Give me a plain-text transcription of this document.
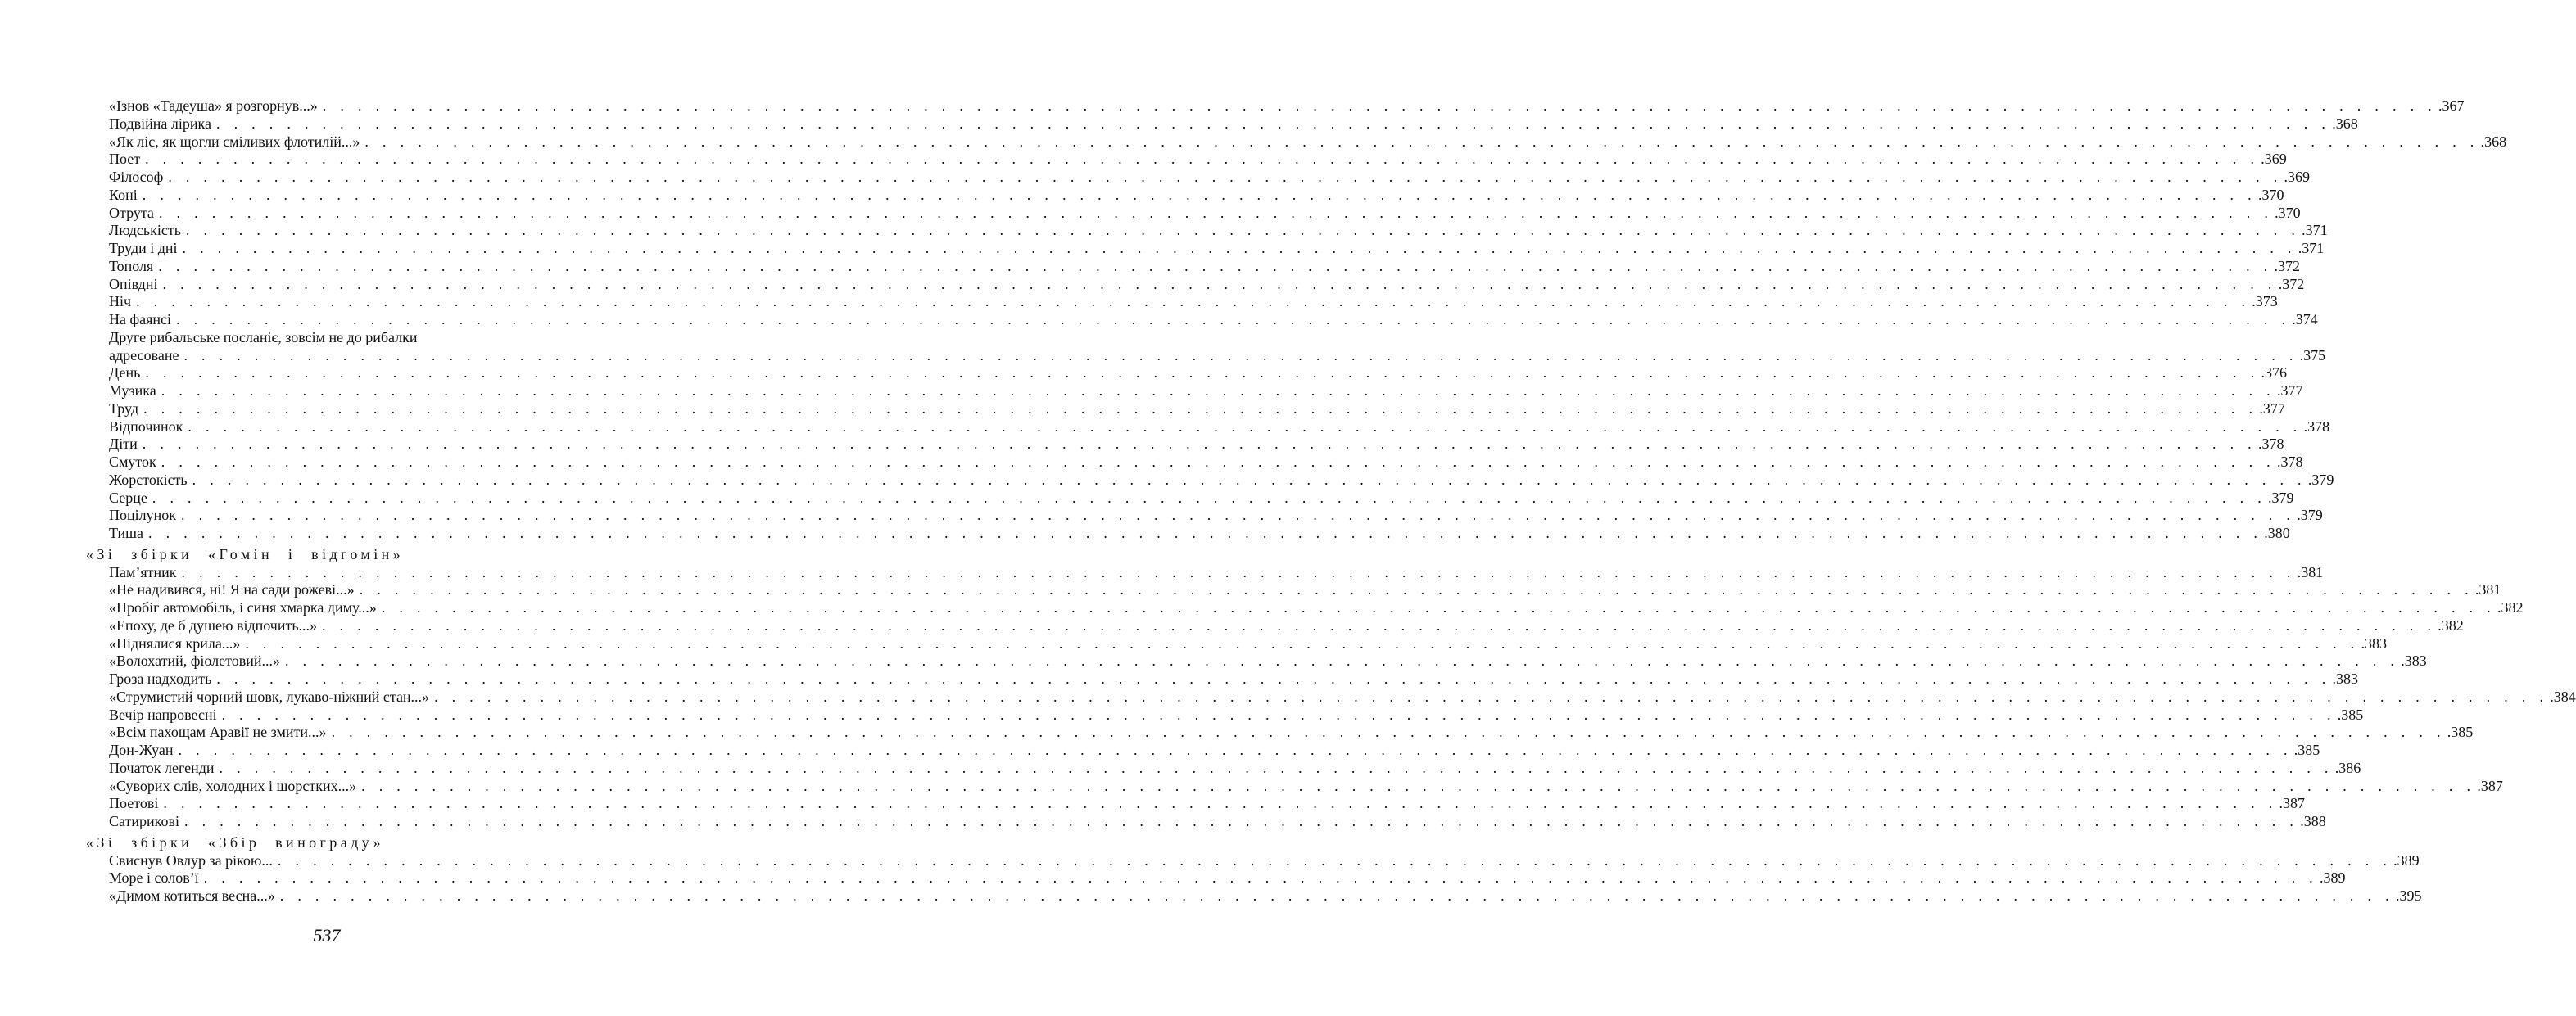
«Ізнов «Тадеуша» я розгорнув...» . . . . . . . . . . . . . . . . . . . . . . . . . . . . . . . . . . . . . . . . . . . . . . . . . . . . . . . . . . . . . . . . . . . . . . . . . . . . . . . . . . . . . . . . . . . . . . . . . . . . . . . . . . . . . . . . . . . . . . . . .367
Подвійна лірика . . . . . . . . . . . . . . . . . . . . . . . . . . . . . . . . . . . . . . . . . . . . . . . . . . . . . . . . . . . . . . . . . . . . . . . . . . . . . . . . . . . . . . . . . . . . . . . . . . . . . . . . . . . . . . . . . . . . . . . . .368
«Як ліс, як щогли сміливих флотилій...» . . . . . . . . . . . . . . . . . . . . . . . . . . . . . . . . . . . . . . . . . . . . . . . . . . . . . . . . . . . . . . . . . . . . . . . . . . . . . . . . . . . . . . . . . . . . . . . . . . . . . . . . . . . . . . . . . . . . . . . . .368
Поет . . . . . . . . . . . . . . . . . . . . . . . . . . . . . . . . . . . . . . . . . . . . . . . . . . . . . . . . . . . . . . . . . . . . . . . . . . . . . . . . . . . . . . . . . . . . . . . . . . . . . . . . . . . . . . . . . . . . . . . . .369
Філософ . . . . . . . . . . . . . . . . . . . . . . . . . . . . . . . . . . . . . . . . . . . . . . . . . . . . . . . . . . . . . . . . . . . . . . . . . . . . . . . . . . . . . . . . . . . . . . . . . . . . . . . . . . . . . . . . . . . . . . . . .369
Коні . . . . . . . . . . . . . . . . . . . . . . . . . . . . . . . . . . . . . . . . . . . . . . . . . . . . . . . . . . . . . . . . . . . . . . . . . . . . . . . . . . . . . . . . . . . . . . . . . . . . . . . . . . . . . . . . . . . . . . . . .370
Отрута . . . . . . . . . . . . . . . . . . . . . . . . . . . . . . . . . . . . . . . . . . . . . . . . . . . . . . . . . . . . . . . . . . . . . . . . . . . . . . . . . . . . . . . . . . . . . . . . . . . . . . . . . . . . . . . . . . . . . . . . .370
Людськість . . . . . . . . . . . . . . . . . . . . . . . . . . . . . . . . . . . . . . . . . . . . . . . . . . . . . . . . . . . . . . . . . . . . . . . . . . . . . . . . . . . . . . . . . . . . . . . . . . . . . . . . . . . . . . . . . . . . . . . . .371
Труди і дні . . . . . . . . . . . . . . . . . . . . . . . . . . . . . . . . . . . . . . . . . . . . . . . . . . . . . . . . . . . . . . . . . . . . . . . . . . . . . . . . . . . . . . . . . . . . . . . . . . . . . . . . . . . . . . . . . . . . . . . . .371
Тополя . . . . . . . . . . . . . . . . . . . . . . . . . . . . . . . . . . . . . . . . . . . . . . . . . . . . . . . . . . . . . . . . . . . . . . . . . . . . . . . . . . . . . . . . . . . . . . . . . . . . . . . . . . . . . . . . . . . . . . . . .372
Опівдні . . . . . . . . . . . . . . . . . . . . . . . . . . . . . . . . . . . . . . . . . . . . . . . . . . . . . . . . . . . . . . . . . . . . . . . . . . . . . . . . . . . . . . . . . . . . . . . . . . . . . . . . . . . . . . . . . . . . . . . . .372
Ніч . . . . . . . . . . . . . . . . . . . . . . . . . . . . . . . . . . . . . . . . . . . . . . . . . . . . . . . . . . . . . . . . . . . . . . . . . . . . . . . . . . . . . . . . . . . . . . . . . . . . . . . . . . . . . . . . . . . . . . . . .373
На фаянсі . . . . . . . . . . . . . . . . . . . . . . . . . . . . . . . . . . . . . . . . . . . . . . . . . . . . . . . . . . . . . . . . . . . . . . . . . . . . . . . . . . . . . . . . . . . . . . . . . . . . . . . . . . . . . . . . . . . . . . . . .374
Друге рибальське посланіє, зовсім не до рибалки
адресоване . . . . . . . . . . . . . . . . . . . . . . . . . . . . . . . . . . . . . . . . . . . . . . . . . . . . . . . . . . . . . . . . . . . . . . . . . . . . . . . . . . . . . . . . . . . . . . . . . . . . . . . . . . . . . . . . . . . . . . . . .375
День . . . . . . . . . . . . . . . . . . . . . . . . . . . . . . . . . . . . . . . . . . . . . . . . . . . . . . . . . . . . . . . . . . . . . . . . . . . . . . . . . . . . . . . . . . . . . . . . . . . . . . . . . . . . . . . . . . . . . . . . .376
Музика . . . . . . . . . . . . . . . . . . . . . . . . . . . . . . . . . . . . . . . . . . . . . . . . . . . . . . . . . . . . . . . . . . . . . . . . . . . . . . . . . . . . . . . . . . . . . . . . . . . . . . . . . . . . . . . . . . . . . . . . .377
Труд . . . . . . . . . . . . . . . . . . . . . . . . . . . . . . . . . . . . . . . . . . . . . . . . . . . . . . . . . . . . . . . . . . . . . . . . . . . . . . . . . . . . . . . . . . . . . . . . . . . . . . . . . . . . . . . . . . . . . . . . .377
Відпочинок . . . . . . . . . . . . . . . . . . . . . . . . . . . . . . . . . . . . . . . . . . . . . . . . . . . . . . . . . . . . . . . . . . . . . . . . . . . . . . . . . . . . . . . . . . . . . . . . . . . . . . . . . . . . . . . . . . . . . . . . .378
Діти . . . . . . . . . . . . . . . . . . . . . . . . . . . . . . . . . . . . . . . . . . . . . . . . . . . . . . . . . . . . . . . . . . . . . . . . . . . . . . . . . . . . . . . . . . . . . . . . . . . . . . . . . . . . . . . . . . . . . . . . .378
Смуток . . . . . . . . . . . . . . . . . . . . . . . . . . . . . . . . . . . . . . . . . . . . . . . . . . . . . . . . . . . . . . . . . . . . . . . . . . . . . . . . . . . . . . . . . . . . . . . . . . . . . . . . . . . . . . . . . . . . . . . . .378
Жорстокість . . . . . . . . . . . . . . . . . . . . . . . . . . . . . . . . . . . . . . . . . . . . . . . . . . . . . . . . . . . . . . . . . . . . . . . . . . . . . . . . . . . . . . . . . . . . . . . . . . . . . . . . . . . . . . . . . . . . . . . . .379
Серце . . . . . . . . . . . . . . . . . . . . . . . . . . . . . . . . . . . . . . . . . . . . . . . . . . . . . . . . . . . . . . . . . . . . . . . . . . . . . . . . . . . . . . . . . . . . . . . . . . . . . . . . . . . . . . . . . . . . . . . . .379
Поцілунок . . . . . . . . . . . . . . . . . . . . . . . . . . . . . . . . . . . . . . . . . . . . . . . . . . . . . . . . . . . . . . . . . . . . . . . . . . . . . . . . . . . . . . . . . . . . . . . . . . . . . . . . . . . . . . . . . . . . . . . . .379
Тиша . . . . . . . . . . . . . . . . . . . . . . . . . . . . . . . . . . . . . . . . . . . . . . . . . . . . . . . . . . . . . . . . . . . . . . . . . . . . . . . . . . . . . . . . . . . . . . . . . . . . . . . . . . . . . . . . . . . . . . . . .380
«Зі збірки «Гомін і відгомін»
Пам’ятник . . . . . . . . . . . . . . . . . . . . . . . . . . . . . . . . . . . . . . . . . . . . . . . . . . . . . . . . . . . . . . . . . . . . . . . . . . . . . . . . . . . . . . . . . . . . . . . . . . . . . . . . . . . . . . . . . . . . . . . . .381
«Не надивився, ні! Я на сади рожеві...» . . . . . . . . . . . . . . . . . . . . . . . . . . . . . . . . . . . . . . . . . . . . . . . . . . . . . . . . . . . . . . . . . . . . . . . . . . . . . . . . . . . . . . . . . . . . . . . . . . . . . . . . . . . . . . . . . . . . . . . . .381
«Пробіг автомобіль, і синя хмарка диму...» . . . . . . . . . . . . . . . . . . . . . . . . . . . . . . . . . . . . . . . . . . . . . . . . . . . . . . . . . . . . . . . . . . . . . . . . . . . . . . . . . . . . . . . . . . . . . . . . . . . . . . . . . . . . . . . . . . . . . . . . .382
«Епоху, де б душею відпочить...» . . . . . . . . . . . . . . . . . . . . . . . . . . . . . . . . . . . . . . . . . . . . . . . . . . . . . . . . . . . . . . . . . . . . . . . . . . . . . . . . . . . . . . . . . . . . . . . . . . . . . . . . . . . . . . . . . . . . . . . . .382
«Піднялися крила...» . . . . . . . . . . . . . . . . . . . . . . . . . . . . . . . . . . . . . . . . . . . . . . . . . . . . . . . . . . . . . . . . . . . . . . . . . . . . . . . . . . . . . . . . . . . . . . . . . . . . . . . . . . . . . . . . . . . . . . . . .383
«Волохатий, фіолетовий...» . . . . . . . . . . . . . . . . . . . . . . . . . . . . . . . . . . . . . . . . . . . . . . . . . . . . . . . . . . . . . . . . . . . . . . . . . . . . . . . . . . . . . . . . . . . . . . . . . . . . . . . . . . . . . . . . . . . . . . . . .383
Гроза надходить . . . . . . . . . . . . . . . . . . . . . . . . . . . . . . . . . . . . . . . . . . . . . . . . . . . . . . . . . . . . . . . . . . . . . . . . . . . . . . . . . . . . . . . . . . . . . . . . . . . . . . . . . . . . . . . . . . . . . . . . .383
«Струмистий чорний шовк, лукаво-ніжний стан...» . . . . . . . . . . . . . . . . . . . . . . . . . . . . . . . . . . . . . . . . . . . . . . . . . . . . . . . . . . . . . . . . . . . . . . . . . . . . . . . . . . . . . . . . . . . . . . . . . . . . . . . . . . . . . . . . . . . . . . . . .384
Вечір напровесні . . . . . . . . . . . . . . . . . . . . . . . . . . . . . . . . . . . . . . . . . . . . . . . . . . . . . . . . . . . . . . . . . . . . . . . . . . . . . . . . . . . . . . . . . . . . . . . . . . . . . . . . . . . . . . . . . . . . . . . . .385
«Всім пахощам Аравії не змити...» . . . . . . . . . . . . . . . . . . . . . . . . . . . . . . . . . . . . . . . . . . . . . . . . . . . . . . . . . . . . . . . . . . . . . . . . . . . . . . . . . . . . . . . . . . . . . . . . . . . . . . . . . . . . . . . . . . . . . . . . .385
Дон-Жуан . . . . . . . . . . . . . . . . . . . . . . . . . . . . . . . . . . . . . . . . . . . . . . . . . . . . . . . . . . . . . . . . . . . . . . . . . . . . . . . . . . . . . . . . . . . . . . . . . . . . . . . . . . . . . . . . . . . . . . . . .385
Початок легенди . . . . . . . . . . . . . . . . . . . . . . . . . . . . . . . . . . . . . . . . . . . . . . . . . . . . . . . . . . . . . . . . . . . . . . . . . . . . . . . . . . . . . . . . . . . . . . . . . . . . . . . . . . . . . . . . . . . . . . . . .386
«Суворих слів, холодних і шорстких...» . . . . . . . . . . . . . . . . . . . . . . . . . . . . . . . . . . . . . . . . . . . . . . . . . . . . . . . . . . . . . . . . . . . . . . . . . . . . . . . . . . . . . . . . . . . . . . . . . . . . . . . . . . . . . . . . . . . . . . . . .387
Поетові . . . . . . . . . . . . . . . . . . . . . . . . . . . . . . . . . . . . . . . . . . . . . . . . . . . . . . . . . . . . . . . . . . . . . . . . . . . . . . . . . . . . . . . . . . . . . . . . . . . . . . . . . . . . . . . . . . . . . . . . .387
Сатирикові . . . . . . . . . . . . . . . . . . . . . . . . . . . . . . . . . . . . . . . . . . . . . . . . . . . . . . . . . . . . . . . . . . . . . . . . . . . . . . . . . . . . . . . . . . . . . . . . . . . . . . . . . . . . . . . . . . . . . . . . .388
«Зі збірки «Збір винограду»
Свиснув Овлур за рікою... . . . . . . . . . . . . . . . . . . . . . . . . . . . . . . . . . . . . . . . . . . . . . . . . . . . . . . . . . . . . . . . . . . . . . . . . . . . . . . . . . . . . . . . . . . . . . . . . . . . . . . . . . . . . . . . . . . . . . . . . .389
Море і солов’ї . . . . . . . . . . . . . . . . . . . . . . . . . . . . . . . . . . . . . . . . . . . . . . . . . . . . . . . . . . . . . . . . . . . . . . . . . . . . . . . . . . . . . . . . . . . . . . . . . . . . . . . . . . . . . . . . . . . . . . . . .389
«Димом котиться весна...» . . . . . . . . . . . . . . . . . . . . . . . . . . . . . . . . . . . . . . . . . . . . . . . . . . . . . . . . . . . . . . . . . . . . . . . . . . . . . . . . . . . . . . . . . . . . . . . . . . . . . . . . . . . . . . . . . . . . . . . . .395
537
